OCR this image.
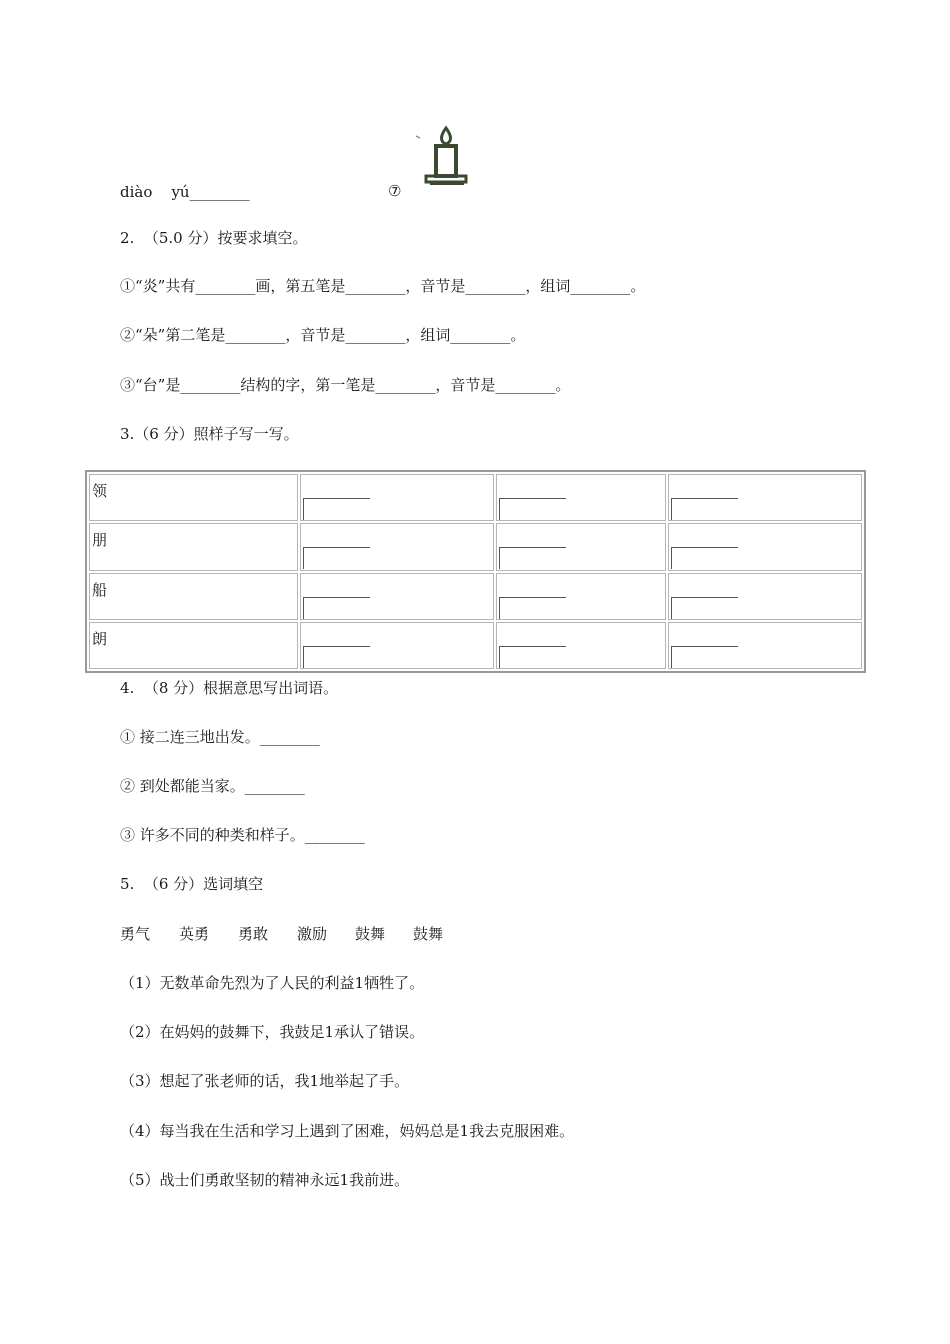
diào    yú________	⑦
2.  （5.0 分）按要求填空。
①“炎”共有________画，第五笔是________，音节是________，组词________。
②“朵”第二笔是________，音节是________，组词________。
③“台”是________结构的字，第一笔是________，音节是________。
3.（6 分）照样子写一写。
领	

朋	

船	

朗	

4.  （8 分）根据意思写出词语。
① 接二连三地出发。________
② 到处都能当家。________
③ 许多不同的种类和样子。________
5.  （6 分）选词填空
勇气 英勇 勇敢 激励 鼓舞 鼓舞
（1）无数革命先烈为了人民的利益1牺牲了。
（2）在妈妈的鼓舞下，我鼓足1承认了错误。
（3）想起了张老师的话，我1地举起了手。
（4）每当我在生活和学习上遇到了困难，妈妈总是1我去克服困难。
（5）战士们勇敢坚韧的精神永远1我前进。
